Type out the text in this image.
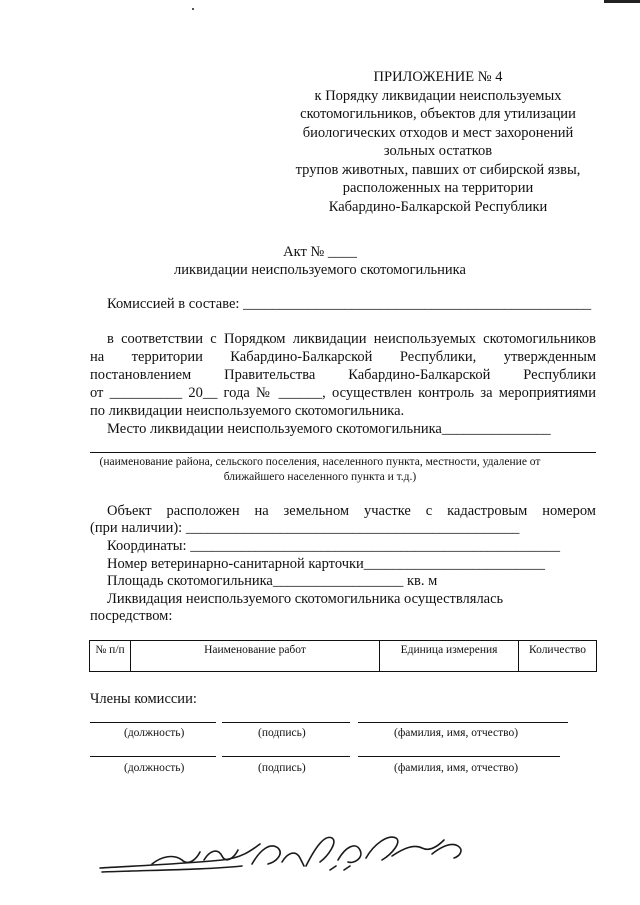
ПРИЛОЖЕНИЕ № 4
к Порядку ликвидации неиспользуемых
скотомогильников, объектов для утилизации
биологических отходов и мест захоронений
зольных остатков
трупов животных, павших от сибирской язвы,
расположенных на территории
Кабардино-Балкарской Республики
Акт № ____
ликвидации неиспользуемого скотомогильника
Комиссией в составе: ________________________________________________
в соответствии с Порядком ликвидации неиспользуемых скотомогильников
на территории Кабардино-Балкарской Республики, утвержденным
постановлением Правительства Кабардино-Балкарской Республики
от __________ 20__ года № ______, осуществлен контроль за мероприятиями
по ликвидации неиспользуемого скотомогильника.
Место ликвидации неиспользуемого скотомогильника_______________
(наименование района, сельского поселения, населенного пункта, местности, удаление от
ближайшего населенного пункта и т.д.)
Объект расположен на земельном участке с кадастровым номером
(при наличии): ______________________________________________
Координаты: ___________________________________________________
Номер ветеринарно-санитарной карточки_________________________
Площадь скотомогильника__________________ кв. м
Ликвидация неиспользуемого скотомогильника осуществлялась
посредством:
№ п/п	Наименование работ	Единица измерения	Количество
Члены комиссии:
(должность)	(подпись)	(фамилия, имя, отчество)
(должность)	(подпись)	(фамилия, имя, отчество)
